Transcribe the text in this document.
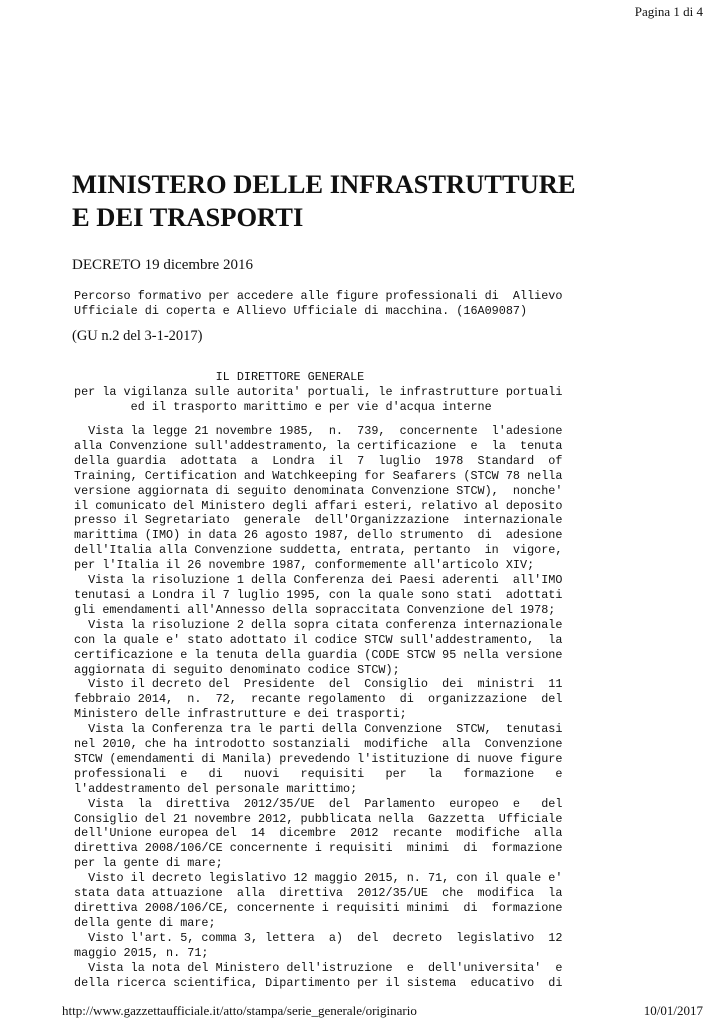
Pagina 1 di 4
MINISTERO DELLE INFRASTRUTTURE
E DEI TRASPORTI
DECRETO 19 dicembre 2016
Percorso formativo per accedere alle figure professionali di  Allievo
Ufficiale di coperta e Allievo Ufficiale di macchina. (16A09087)
(GU n.2 del 3-1-2017)
IL DIRETTORE GENERALE
per la vigilanza sulle autorita' portuali, le infrastrutture portuali
ed il trasporto marittimo e per vie d'acqua interne
Vista la legge 21 novembre 1985,  n.  739,  concernente  l'adesione
alla Convenzione sull'addestramento, la certificazione  e  la  tenuta
della guardia  adottata  a  Londra  il  7  luglio  1978  Standard  of
Training, Certification and Watchkeeping for Seafarers (STCW 78 nella
versione aggiornata di seguito denominata Convenzione STCW),  nonche'
il comunicato del Ministero degli affari esteri, relativo al deposito
presso il Segretariato  generale  dell'Organizzazione  internazionale
marittima (IMO) in data 26 agosto 1987, dello strumento  di  adesione
dell'Italia alla Convenzione suddetta, entrata, pertanto  in  vigore,
per l'Italia il 26 novembre 1987, conformemente all'articolo XIV;
Vista la risoluzione 1 della Conferenza dei Paesi aderenti  all'IMO
tenutasi a Londra il 7 luglio 1995, con la quale sono stati  adottati
gli emendamenti all'Annesso della sopraccitata Convenzione del 1978;
Vista la risoluzione 2 della sopra citata conferenza internazionale
con la quale e' stato adottato il codice STCW sull'addestramento,  la
certificazione e la tenuta della guardia (CODE STCW 95 nella versione
aggiornata di seguito denominato codice STCW);
Visto il decreto del  Presidente  del  Consiglio  dei  ministri  11
febbraio 2014,  n.  72,  recante regolamento  di  organizzazione  del
Ministero delle infrastrutture e dei trasporti;
Vista la Conferenza tra le parti della Convenzione  STCW,  tenutasi
nel 2010, che ha introdotto sostanziali  modifiche  alla  Convenzione
STCW (emendamenti di Manila) prevedendo l'istituzione di nuove figure
professionali  e   di   nuovi   requisiti   per   la   formazione   e
l'addestramento del personale marittimo;
Vista  la  direttiva  2012/35/UE  del  Parlamento  europeo  e   del
Consiglio del 21 novembre 2012, pubblicata nella  Gazzetta  Ufficiale
dell'Unione europea del  14  dicembre  2012  recante  modifiche  alla
direttiva 2008/106/CE concernente i requisiti  minimi  di  formazione
per la gente di mare;
Visto il decreto legislativo 12 maggio 2015, n. 71, con il quale e'
stata data attuazione  alla  direttiva  2012/35/UE  che  modifica  la
direttiva 2008/106/CE, concernente i requisiti minimi  di  formazione
della gente di mare;
Visto l'art. 5, comma 3, lettera  a)  del  decreto  legislativo  12
maggio 2015, n. 71;
Vista la nota del Ministero dell'istruzione  e  dell'universita'  e
della ricerca scientifica, Dipartimento per il sistema  educativo  di
http://www.gazzettaufficiale.it/atto/stampa/serie_generale/originario	10/01/2017
